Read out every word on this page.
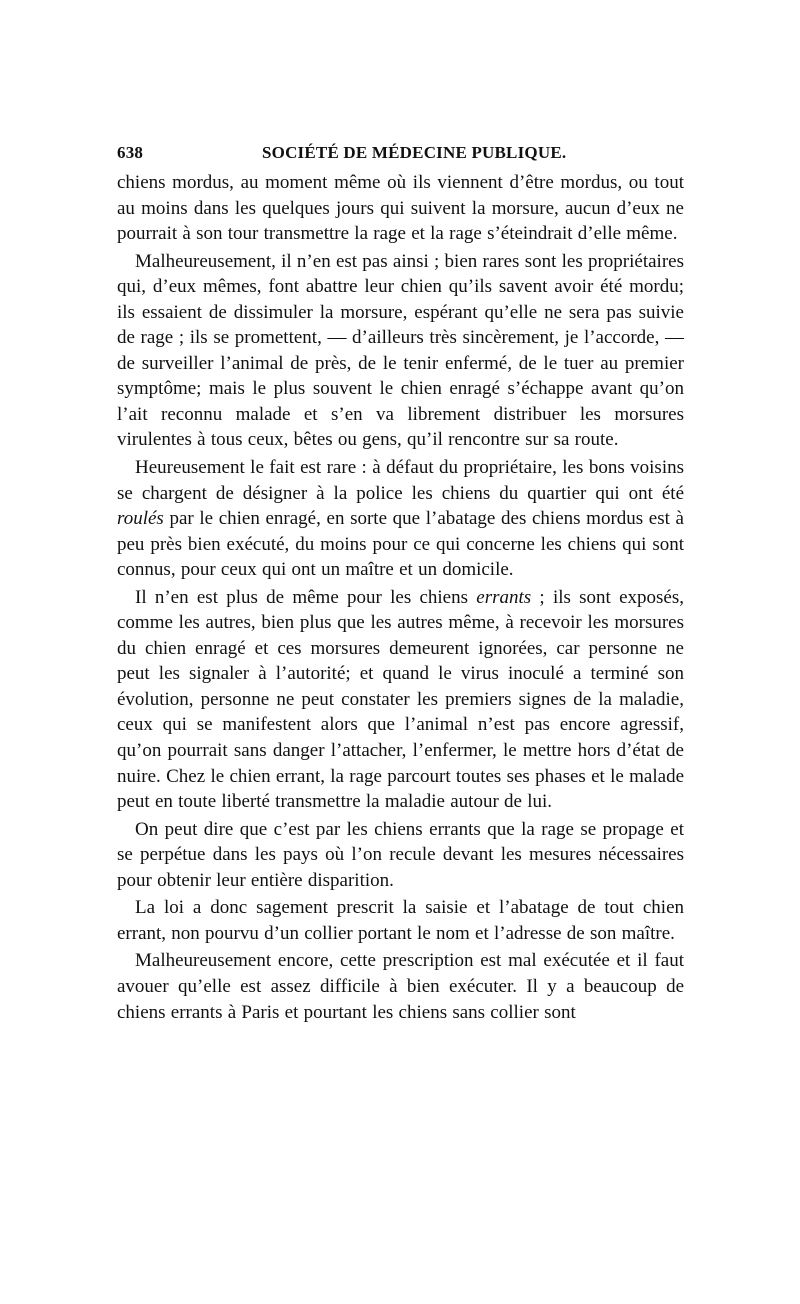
638	SOCIÉTÉ DE MÉDECINE PUBLIQUE.

chiens mordus, au moment même où ils viennent d’être mordus, ou tout au moins dans les quelques jours qui suivent la morsure, aucun d’eux ne pourrait à son tour transmettre la rage et la rage s’éteindrait d’elle même.

Malheureusement, il n’en est pas ainsi ; bien rares sont les propriétaires qui, d’eux mêmes, font abattre leur chien qu’ils savent avoir été mordu; ils essaient de dissimuler la morsure, espérant qu’elle ne sera pas suivie de rage ; ils se promettent, — d’ailleurs très sincèrement, je l’accorde, — de surveiller l’animal de près, de le tenir enfermé, de le tuer au premier symptôme; mais le plus souvent le chien enragé s’échappe avant qu’on l’ait reconnu malade et s’en va librement distribuer les morsures virulentes à tous ceux, bêtes ou gens, qu’il rencontre sur sa route.

Heureusement le fait est rare : à défaut du propriétaire, les bons voisins se chargent de désigner à la police les chiens du quartier qui ont été roulés par le chien enragé, en sorte que l’abatage des chiens mordus est à peu près bien exécuté, du moins pour ce qui concerne les chiens qui sont connus, pour ceux qui ont un maître et un domicile.

Il n’en est plus de même pour les chiens errants ; ils sont exposés, comme les autres, bien plus que les autres même, à recevoir les morsures du chien enragé et ces morsures demeurent ignorées, car personne ne peut les signaler à l’autorité; et quand le virus inoculé a terminé son évolution, personne ne peut constater les premiers signes de la maladie, ceux qui se manifestent alors que l’animal n’est pas encore agressif, qu’on pourrait sans danger l’attacher, l’enfermer, le mettre hors d’état de nuire. Chez le chien errant, la rage parcourt toutes ses phases et le malade peut en toute liberté transmettre la maladie autour de lui.

On peut dire que c’est par les chiens errants que la rage se propage et se perpétue dans les pays où l’on recule devant les mesures nécessaires pour obtenir leur entière disparition.

La loi a donc sagement prescrit la saisie et l’abatage de tout chien errant, non pourvu d’un collier portant le nom et l’adresse de son maître.

Malheureusement encore, cette prescription est mal exécutée et il faut avouer qu’elle est assez difficile à bien exécuter. Il y a beaucoup de chiens errants à Paris et pourtant les chiens sans collier sont
